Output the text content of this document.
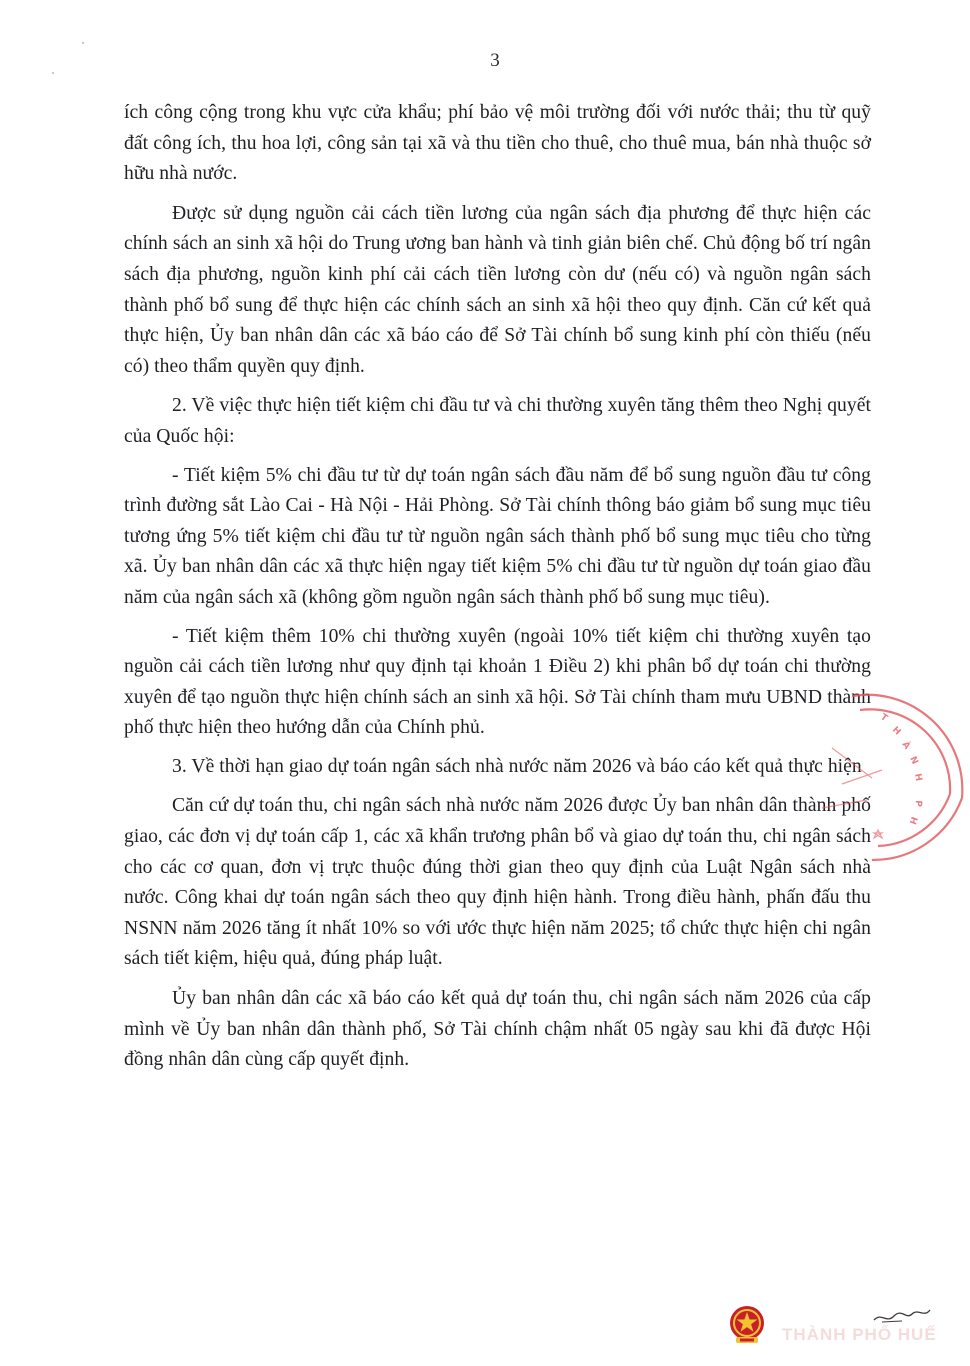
3

ích công cộng trong khu vực cửa khẩu; phí bảo vệ môi trường đối với nước thải; thu từ quỹ đất công ích, thu hoa lợi, công sản tại xã và thu tiền cho thuê, cho thuê mua, bán nhà thuộc sở hữu nhà nước.

Được sử dụng nguồn cải cách tiền lương của ngân sách địa phương để thực hiện các chính sách an sinh xã hội do Trung ương ban hành và tinh giản biên chế. Chủ động bố trí ngân sách địa phương, nguồn kinh phí cải cách tiền lương còn dư (nếu có) và nguồn ngân sách thành phố bổ sung để thực hiện các chính sách an sinh xã hội theo quy định. Căn cứ kết quả thực hiện, Ủy ban nhân dân các xã báo cáo để Sở Tài chính bổ sung kinh phí còn thiếu (nếu có) theo thẩm quyền quy định.

2. Về việc thực hiện tiết kiệm chi đầu tư và chi thường xuyên tăng thêm theo Nghị quyết của Quốc hội:

- Tiết kiệm 5% chi đầu tư từ dự toán ngân sách đầu năm để bổ sung nguồn đầu tư công trình đường sắt Lào Cai - Hà Nội - Hải Phòng. Sở Tài chính thông báo giảm bổ sung mục tiêu tương ứng 5% tiết kiệm chi đầu tư từ nguồn ngân sách thành phố bổ sung mục tiêu cho từng xã. Ủy ban nhân dân các xã thực hiện ngay tiết kiệm 5% chi đầu tư từ nguồn dự toán giao đầu năm của ngân sách xã (không gồm nguồn ngân sách thành phố bổ sung mục tiêu).

- Tiết kiệm thêm 10% chi thường xuyên (ngoài 10% tiết kiệm chi thường xuyên tạo nguồn cải cách tiền lương như quy định tại khoản 1 Điều 2) khi phân bổ dự toán chi thường xuyên để tạo nguồn thực hiện chính sách an sinh xã hội. Sở Tài chính tham mưu UBND thành phố thực hiện theo hướng dẫn của Chính phủ.

3. Về thời hạn giao dự toán ngân sách nhà nước năm 2026 và báo cáo kết quả thực hiện

Căn cứ dự toán thu, chi ngân sách nhà nước năm 2026 được Ủy ban nhân dân thành phố giao, các đơn vị dự toán cấp 1, các xã khẩn trương phân bổ và giao dự toán thu, chi ngân sách cho các cơ quan, đơn vị trực thuộc đúng thời gian theo quy định của Luật Ngân sách nhà nước. Công khai dự toán ngân sách theo quy định hiện hành. Trong điều hành, phấn đấu thu NSNN năm 2026 tăng ít nhất 10% so với ước thực hiện năm 2025; tổ chức thực hiện chi ngân sách tiết kiệm, hiệu quả, đúng pháp luật.

Ủy ban nhân dân các xã báo cáo kết quả dự toán thu, chi ngân sách năm 2026 của cấp mình về Ủy ban nhân dân thành phố, Sở Tài chính chậm nhất 05 ngày sau khi đã được Hội đồng nhân dân cùng cấp quyết định.

T
H
À
N
H
P
H
THÀNH PHỐ HUẾ
